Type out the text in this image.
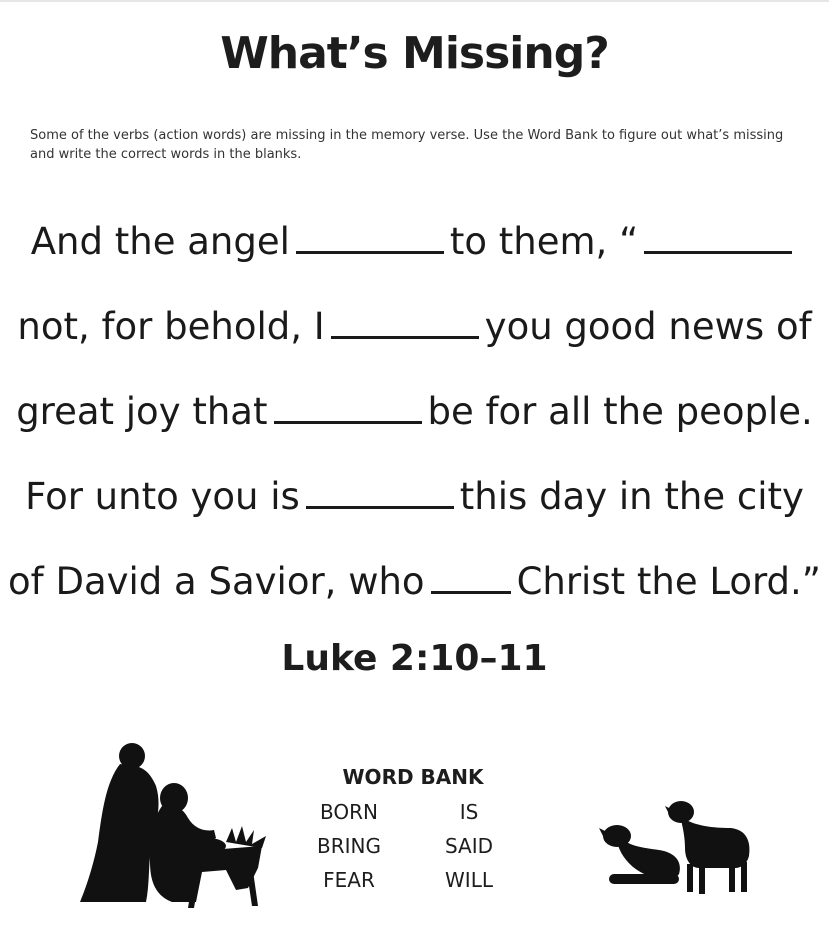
What’s Missing?
Some of the verbs (action words) are missing in the memory verse. Use the Word Bank to figure out what’s missing and write the correct words in the blanks.
And the angel	to them, “
not, for behold, I	you good news of
great joy that	be for all the people.
For unto you is	this day in the city
of David a Savior, who Christ the Lord.”
Luke 2:10–11
WORD BANK
BORN	IS
BRING	SAID
FEAR	WILL
